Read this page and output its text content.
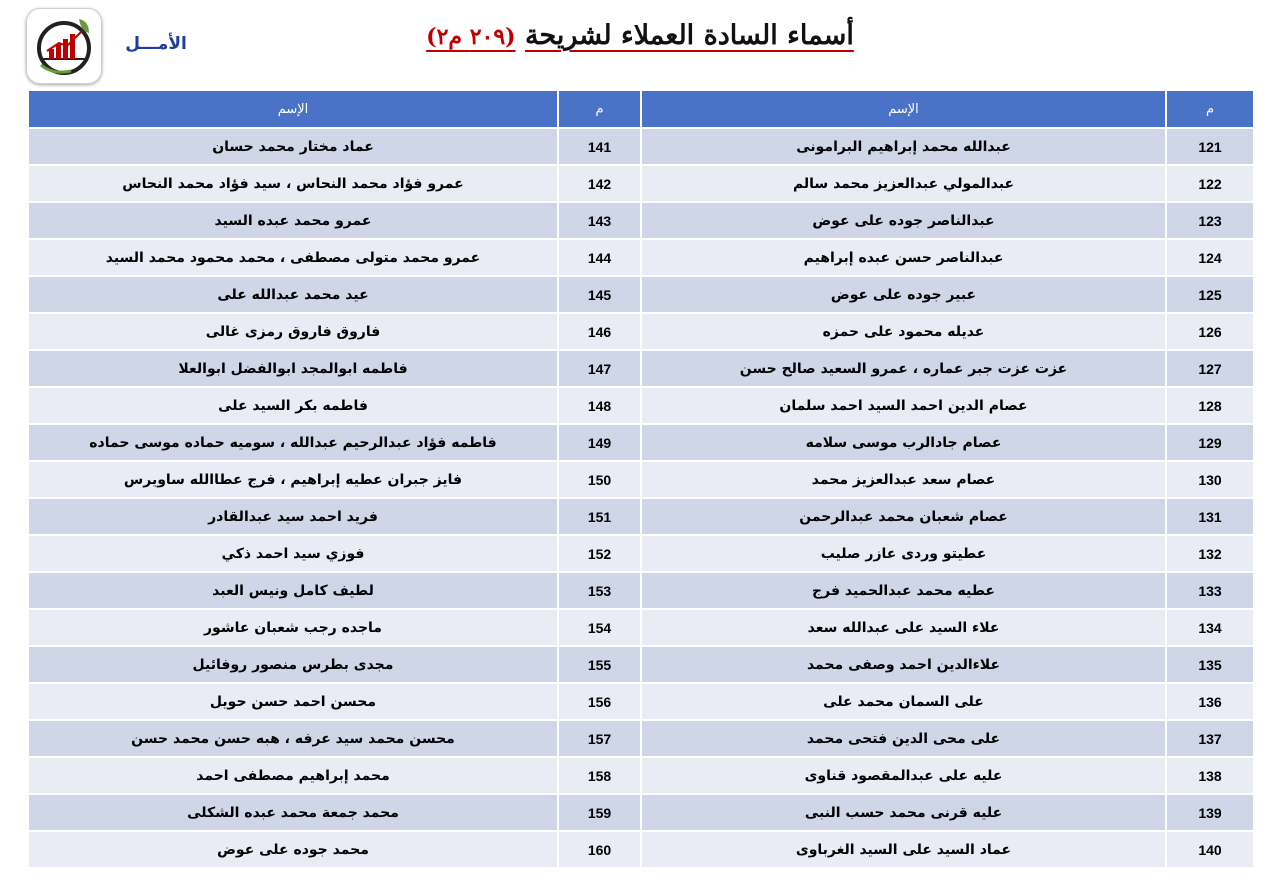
الأمـــل	أسماء السادة العملاء لشريحة (٢٠٩ م٢)
م	الإسم	م	الإسم
121	عبدالله محمد إبراهيم البرامونى	141	عماد مختار محمد حسان
122	عبدالمولي عبدالعزيز محمد سالم	142	عمرو فؤاد محمد النحاس ، سيد فؤاد محمد النحاس
123	عبدالناصر جوده على عوض	143	عمرو محمد عبده السيد
124	عبدالناصر حسن عبده إبراهيم	144	عمرو محمد متولى مصطفى ، محمد محمود محمد السيد
125	عبير جوده على عوض	145	عيد محمد عبدالله على
126	عديله محمود على حمزه	146	فاروق فاروق رمزى غالى
127	عزت عزت جبر عماره ، عمرو السعيد صالح حسن	147	فاطمه ابوالمجد ابوالفضل ابوالعلا
128	عصام الدين احمد السيد احمد سلمان	148	فاطمه بكر السيد على
129	عصام جادالرب موسى سلامه	149	فاطمه فؤاد عبدالرحيم عبدالله ، سوميه حماده موسى حماده
130	عصام سعد عبدالعزيز محمد	150	فايز جبران عطيه إبراهيم ، فرج عطاالله ساويرس
131	عصام شعبان محمد عبدالرحمن	151	فريد احمد سيد عبدالقادر
132	عطيتو وردى عازر صليب	152	فوزي سيد احمد ذكي
133	عطيه محمد عبدالحميد فرج	153	لطيف كامل ونيس العبد
134	علاء السيد على عبدالله سعد	154	ماجده رجب شعبان عاشور
135	علاءالدين احمد وصفى محمد	155	مجدى بطرس منصور روفائيل
136	على السمان محمد على	156	محسن احمد حسن حويل
137	على محى الدين فتحى محمد	157	محسن محمد سيد عرفه ، هبه حسن محمد حسن
138	عليه على عبدالمقصود قناوى	158	محمد إبراهيم مصطفى احمد
139	عليه قرنى محمد حسب النبى	159	محمد جمعة محمد عبده الشكلى
140	عماد السيد على السيد الغرباوى	160	محمد جوده على عوض
